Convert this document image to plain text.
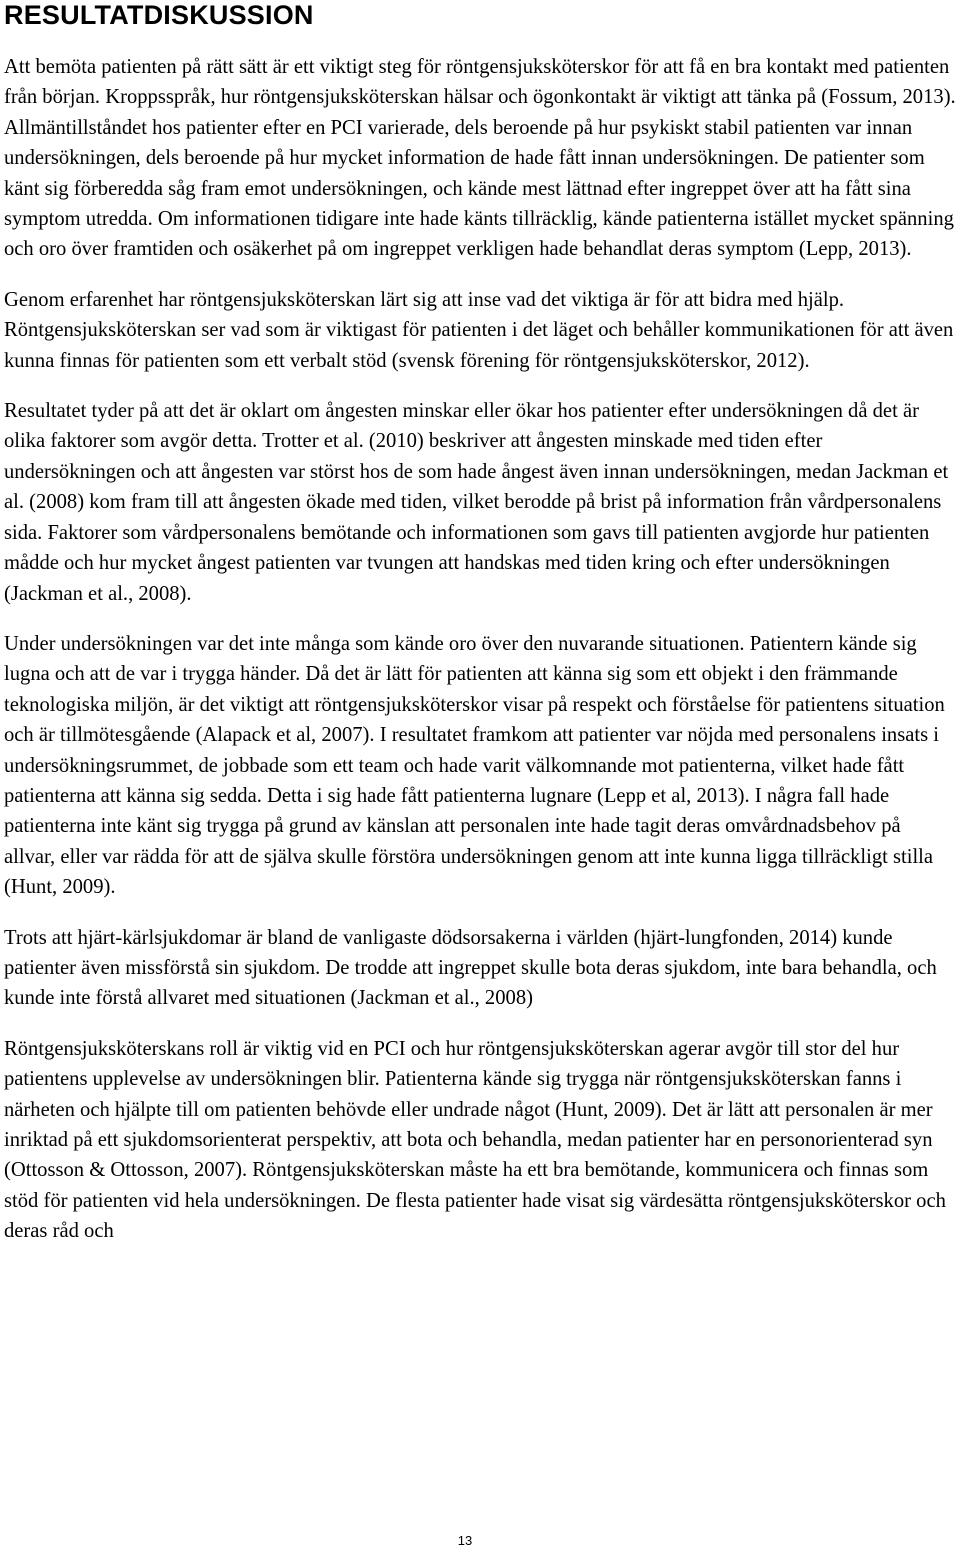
RESULTATDISKUSSION

Att bemöta patienten på rätt sätt är ett viktigt steg för röntgensjuksköterskor för att få en bra kontakt med patienten från början. Kroppsspråk, hur röntgensjuksköterskan hälsar och ögonkontakt är viktigt att tänka på (Fossum, 2013). Allmäntillståndet hos patienter efter en PCI varierade, dels beroende på hur psykiskt stabil patienten var innan undersökningen, dels beroende på hur mycket information de hade fått innan undersökningen. De patienter som känt sig förberedda såg fram emot undersökningen, och kände mest lättnad efter ingreppet över att ha fått sina symptom utredda. Om informationen tidigare inte hade känts tillräcklig, kände patienterna istället mycket spänning och oro över framtiden och osäkerhet på om ingreppet verkligen hade behandlat deras symptom (Lepp, 2013).

Genom erfarenhet har röntgensjuksköterskan lärt sig att inse vad det viktiga är för att bidra med hjälp. Röntgensjuksköterskan ser vad som är viktigast för patienten i det läget och behåller kommunikationen för att även kunna finnas för patienten som ett verbalt stöd (svensk förening för röntgensjuksköterskor, 2012).

Resultatet tyder på att det är oklart om ångesten minskar eller ökar hos patienter efter undersökningen då det är olika faktorer som avgör detta. Trotter et al. (2010) beskriver att ångesten minskade med tiden efter undersökningen och att ångesten var störst hos de som hade ångest även innan undersökningen, medan Jackman et al. (2008) kom fram till att ångesten ökade med tiden, vilket berodde på brist på information från vårdpersonalens sida. Faktorer som vårdpersonalens bemötande och informationen som gavs till patienten avgjorde hur patienten mådde och hur mycket ångest patienten var tvungen att handskas med tiden kring och efter undersökningen (Jackman et al., 2008).

Under undersökningen var det inte många som kände oro över den nuvarande situationen. Patientern kände sig lugna och att de var i trygga händer. Då det är lätt för patienten att känna sig som ett objekt i den främmande teknologiska miljön, är det viktigt att röntgensjuksköterskor visar på respekt och förståelse för patientens situation och är tillmötesgående (Alapack et al, 2007). I resultatet framkom att patienter var nöjda med personalens insats i undersökningsrummet, de jobbade som ett team och hade varit välkomnande mot patienterna, vilket hade fått patienterna att känna sig sedda. Detta i sig hade fått patienterna lugnare (Lepp et al, 2013). I några fall hade patienterna inte känt sig trygga på grund av känslan att personalen inte hade tagit deras omvårdnadsbehov på allvar, eller var rädda för att de själva skulle förstöra undersökningen genom att inte kunna ligga tillräckligt stilla (Hunt, 2009).

Trots att hjärt-kärlsjukdomar är bland de vanligaste dödsorsakerna i världen (hjärt-lungfonden, 2014) kunde patienter även missförstå sin sjukdom. De trodde att ingreppet skulle bota deras sjukdom, inte bara behandla, och kunde inte förstå allvaret med situationen (Jackman et al., 2008)

Röntgensjuksköterskans roll är viktig vid en PCI och hur röntgensjuksköterskan agerar avgör till stor del hur patientens upplevelse av undersökningen blir. Patienterna kände sig trygga när röntgensjuksköterskan fanns i närheten och hjälpte till om patienten behövde eller undrade något (Hunt, 2009). Det är lätt att personalen är mer inriktad på ett sjukdomsorienterat perspektiv, att bota och behandla, medan patienter har en personorienterad syn (Ottosson & Ottosson, 2007). Röntgensjuksköterskan måste ha ett bra bemötande, kommunicera och finnas som stöd för patienten vid hela undersökningen. De flesta patienter hade visat sig värdesätta röntgensjuksköterskor och deras råd och

13
